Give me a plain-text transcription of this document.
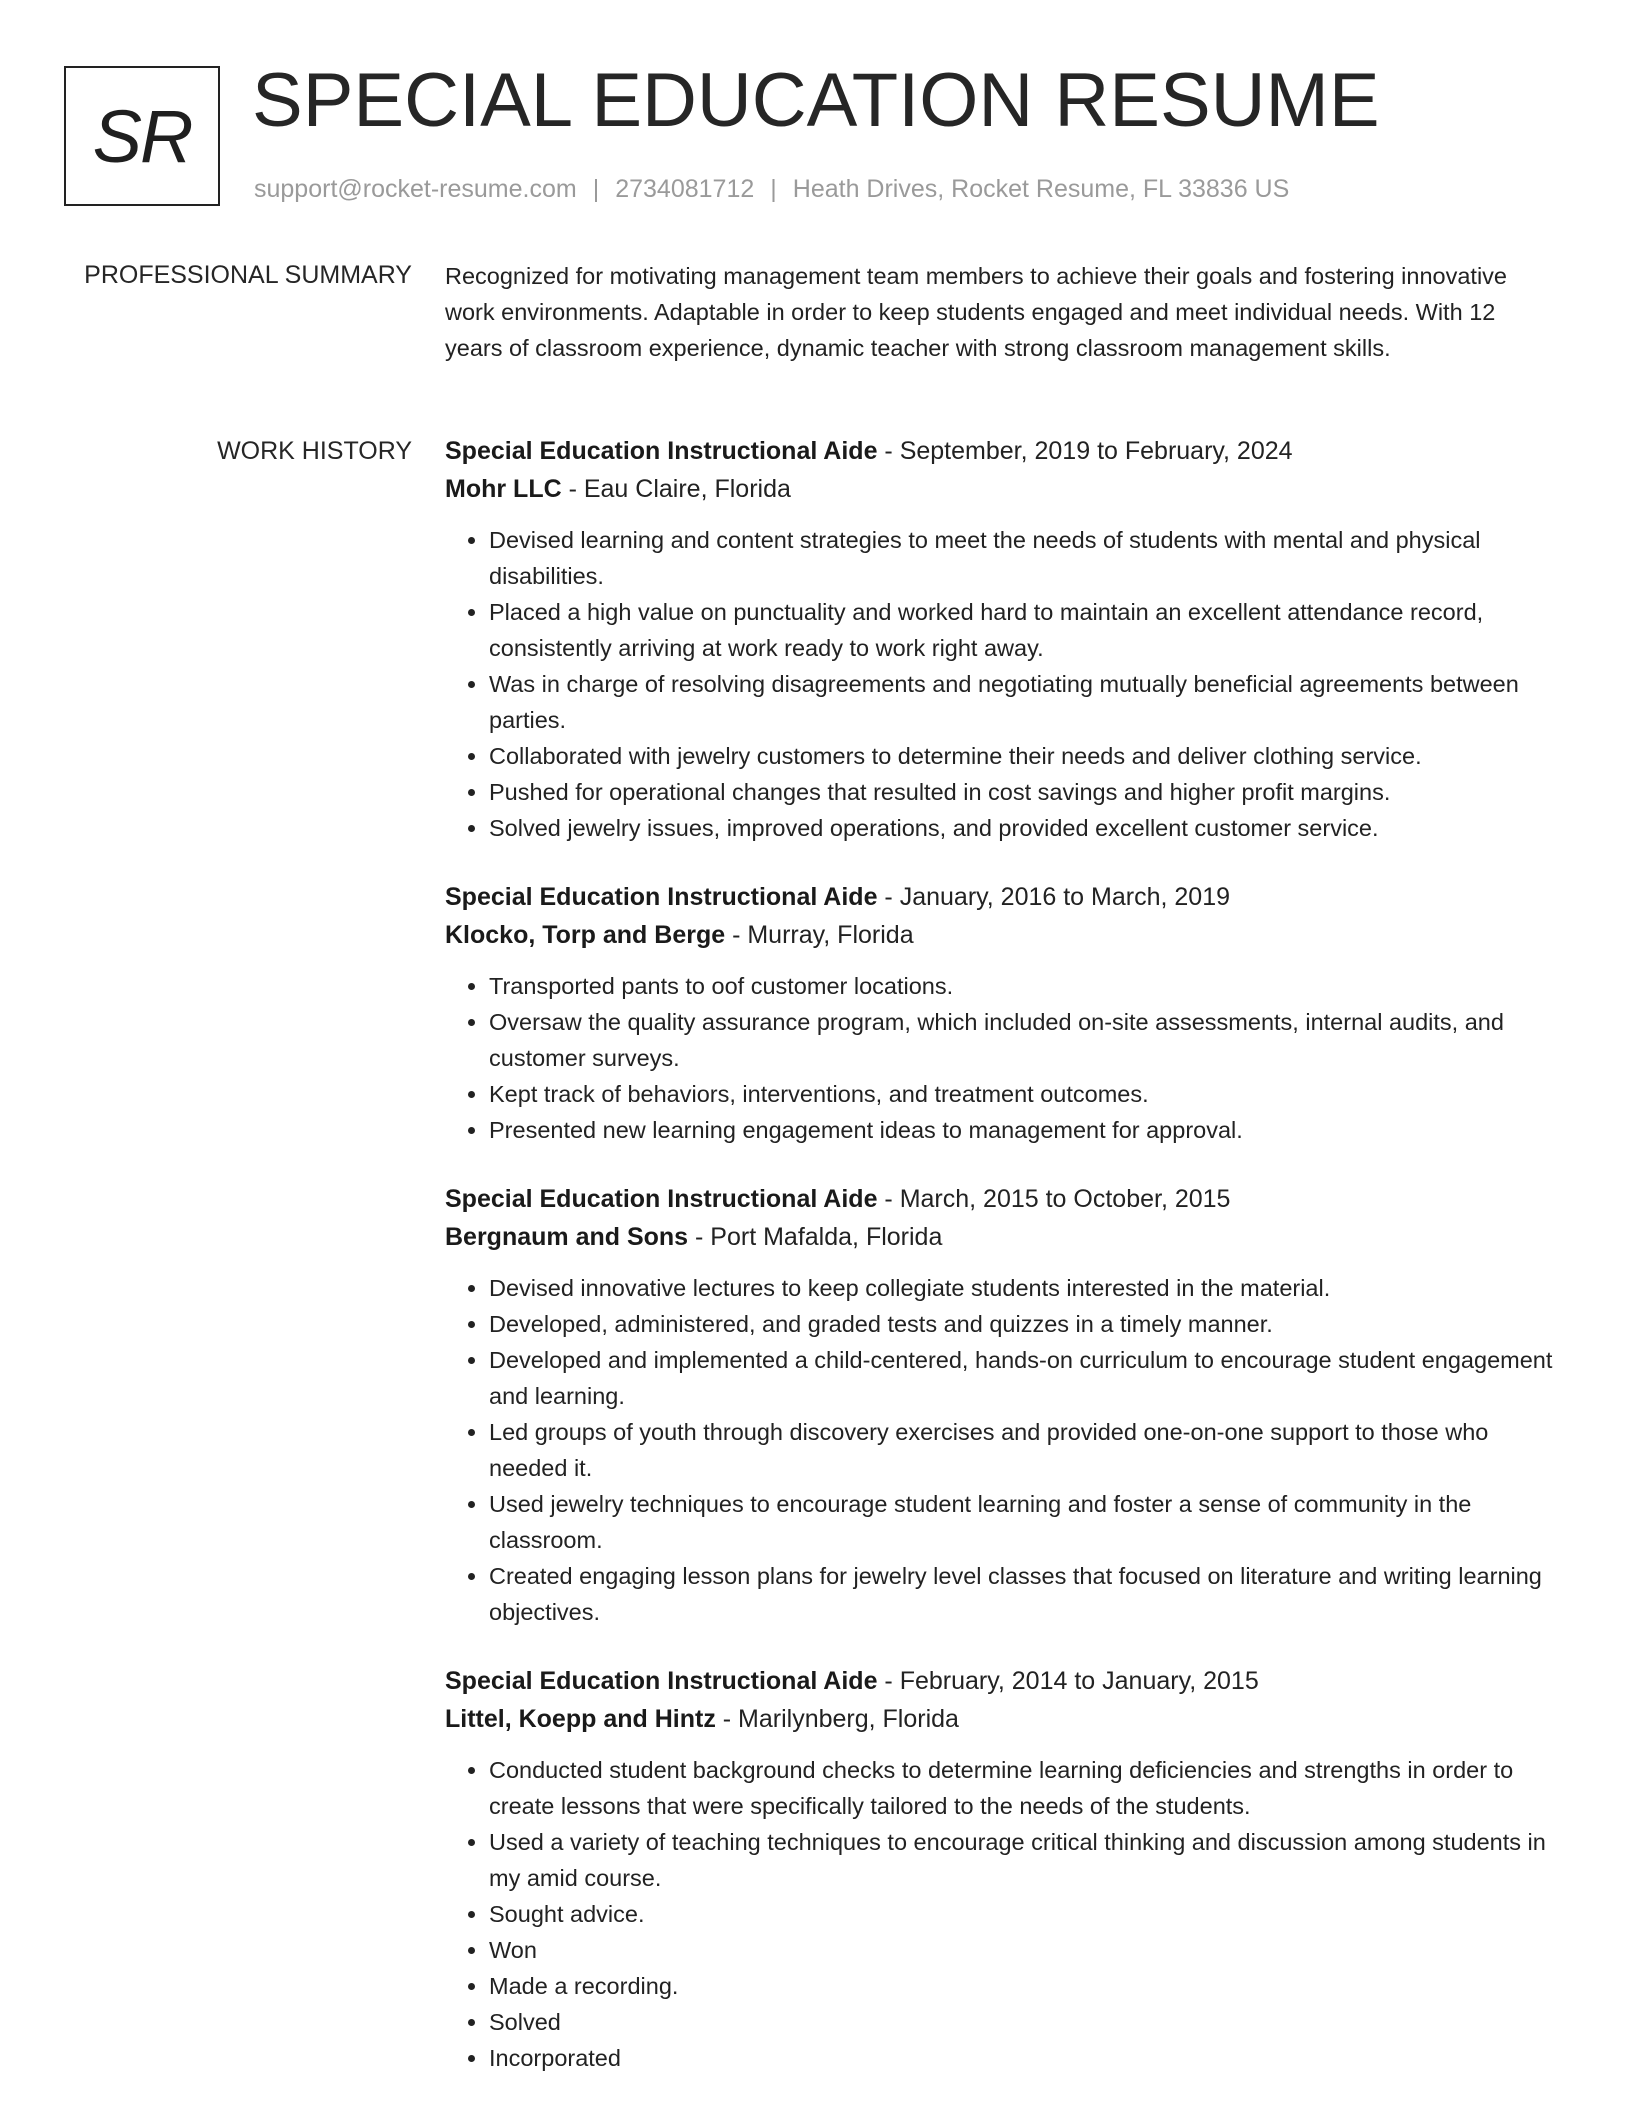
SR SPECIAL EDUCATION RESUME
support@rocket-resume.com | 2734081712 | Heath Drives, Rocket Resume, FL 33836 US
PROFESSIONAL SUMMARY Recognized for motivating management team members to achieve their goals and fostering innovative work environments. Adaptable in order to keep students engaged and meet individual needs. With 12 years of classroom experience, dynamic teacher with strong classroom management skills.

WORK HISTORY Special Education Instructional Aide - September, 2019 to February, 2024

Mohr LLC - Eau Claire, Florida

• Devised learning and content strategies to meet the needs of students with mental and physical disabilities.
• Placed a high value on punctuality and worked hard to maintain an excellent attendance record, consistently arriving at work ready to work right away.
• Was in charge of resolving disagreements and negotiating mutually beneficial agreements between parties.
• Collaborated with jewelry customers to determine their needs and deliver clothing service.
• Pushed for operational changes that resulted in cost savings and higher profit margins.
• Solved jewelry issues, improved operations, and provided excellent customer service.

Special Education Instructional Aide - January, 2016 to March, 2019

Klocko, Torp and Berge - Murray, Florida

• Transported pants to oof customer locations.
• Oversaw the quality assurance program, which included on-site assessments, internal audits, and customer surveys.
• Kept track of behaviors, interventions, and treatment outcomes.
• Presented new learning engagement ideas to management for approval.

Special Education Instructional Aide - March, 2015 to October, 2015

Bergnaum and Sons - Port Mafalda, Florida

• Devised innovative lectures to keep collegiate students interested in the material.
• Developed, administered, and graded tests and quizzes in a timely manner.
• Developed and implemented a child-centered, hands-on curriculum to encourage student engagement and learning.
• Led groups of youth through discovery exercises and provided one-on-one support to those who needed it.
• Used jewelry techniques to encourage student learning and foster a sense of community in the classroom.
• Created engaging lesson plans for jewelry level classes that focused on literature and writing learning objectives.

Special Education Instructional Aide - February, 2014 to January, 2015

Littel, Koepp and Hintz - Marilynberg, Florida

• Conducted student background checks to determine learning deficiencies and strengths in order to create lessons that were specifically tailored to the needs of the students.
• Used a variety of teaching techniques to encourage critical thinking and discussion among students in my amid course.
• Sought advice.
• Won
• Made a recording.
• Solved
• Incorporated
